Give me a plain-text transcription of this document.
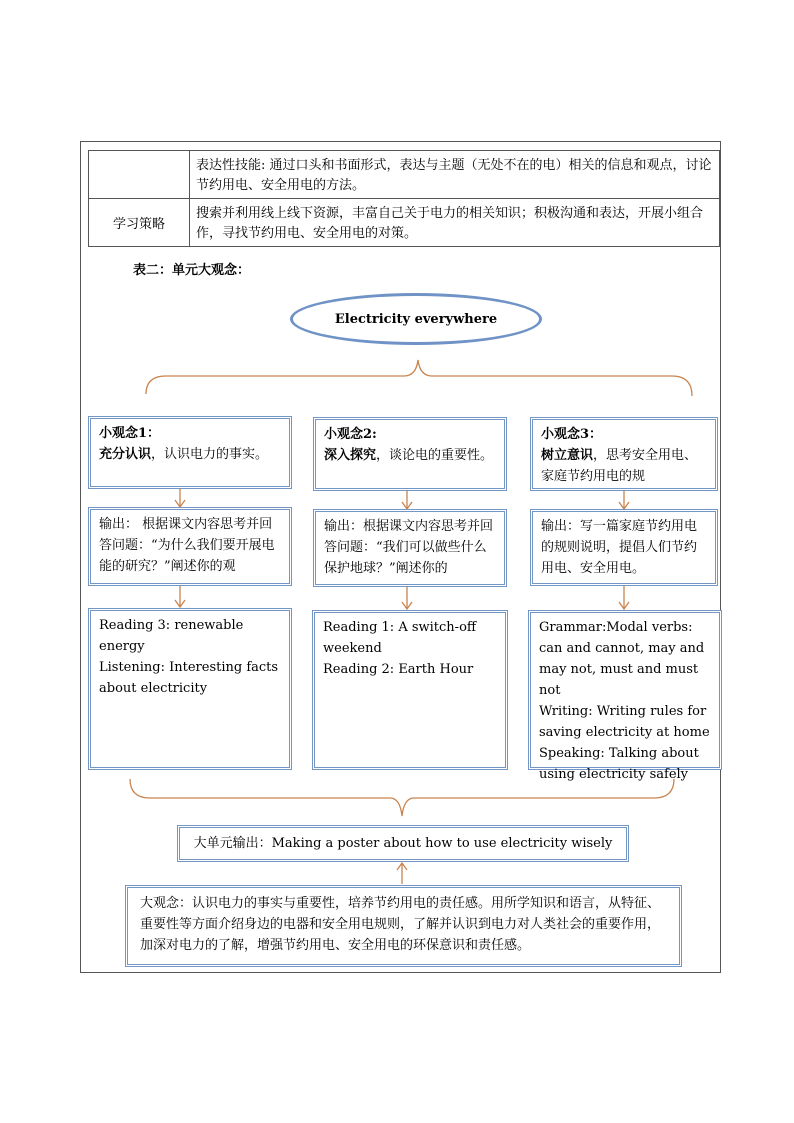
表达性技能: 通过口头和书面形式，表达与主题（无处不在的电）相关的信息和观点，讨论节约用电、安全用电的方法。
学习策略
搜索并利用线上线下资源，丰富自己关于电力的相关知识；积极沟通和表达，开展小组合作，寻找节约用电、安全用电的对策。
表二：单元大观念：
Electricity everywhere
小观念1：
充分认识，认识电力的事实。
小观念2:
深入探究，谈论电的重要性。
小观念3：
树立意识，思考安全用电、家庭节约用电的规
输出： 根据课文内容思考并回答问题：“为什么我们要开展电能的研究？”阐述你的观
输出：根据课文内容思考并回答问题：“我们可以做些什么保护地球？”阐述你的
输出：写一篇家庭节约用电的规则说明，提倡人们节约用电、安全用电。
Reading 3: renewable energy
Listening: Interesting facts about electricity
Reading 1: A switch-off weekend
Reading 2: Earth Hour
Grammar:Modal verbs: can and cannot, may and may not, must and must not
Writing: Writing rules for saving electricity at home
Speaking: Talking about using electricity safely
大单元输出：Making a poster about how to use electricity wisely
大观念：认识电力的事实与重要性，培养节约用电的责任感。用所学知识和语言，从特征、重要性等方面介绍身边的电器和安全用电规则，了解并认识到电力对人类社会的重要作用，加深对电力的了解，增强节约用电、安全用电的环保意识和责任感。
